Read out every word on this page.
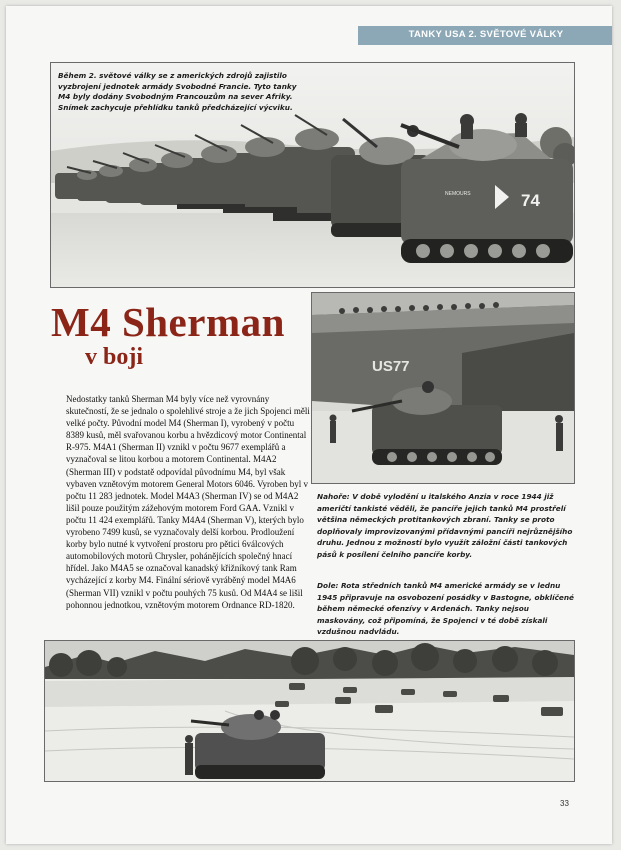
TANKY USA 2. SVĚTOVÉ VÁLKY
74
NEMOURS

Během 2. světové války se z amerických zdrojů zajistilo vyzbrojení jednotek armády Svobodné Francie. Tyto tanky M4 byly dodány Svobodným Francouzům na sever Afriky. Snímek zachycuje přehlídku tanků předcházející výcviku.

M4 Sherman
v boji

Nedostatky tanků Sherman M4 byly více než vyrovnány skutečností, že se jednalo o spolehlivé stroje a že jich Spojenci měli velké počty. Původní model M4 (Sherman I), vyrobený v počtu 8389 kusů, měl svařovanou korbu a hvězdicový motor Continental R-975. M4A1 (Sherman II) vznikl v počtu 9677 exemplářů a vyznačoval se litou korbou a motorem Continental. M4A2 (Sherman III) v podstatě odpovídal původnímu M4, byl však vybaven vznětovým motorem General Motors 6046. Vyroben byl v počtu 11 283 jednotek. Model M4A3 (Sherman IV) se od M4A2 lišil pouze použitým zážehovým motorem Ford GAA. Vznikl v počtu 11 424 exemplářů. Tanky M4A4 (Sherman V), kterých bylo vyrobeno 7499 kusů, se vyznačovaly delší korbou. Prodloužení korby bylo nutné k vytvoření prostoru pro pětici 6válcových automobilových motorů Chrysler, pohánějících společný hnací hřídel. Jako M4A5 se označoval kanadský křižníkový tank Ram vycházející z korby M4. Finální sériově vyráběný model M4A6 (Sherman VII) vznikl v počtu pouhých 75 kusů. Od M4A4 se lišil pohonnou jednotkou, vznětovým motorem Ordnance RD-1820.

US77

Nahoře: V době vylodění u italského Anzia v roce 1944 již američtí tankisté věděli, že pancíře jejich tanků M4 prostřelí většina německých protitankových zbraní. Tanky se proto doplňovaly improvizovanými přídavnými pancíři nejrůznějšího druhu. Jednou z možností bylo využít záložní části tankových pásů k posílení čelního pancíře korby.

Dole: Rota středních tanků M4 americké armády se v lednu 1945 připravuje na osvobození posádky v Bastogne, obklíčené během německé ofenzívy v Ardenách. Tanky nejsou maskovány, což připomíná, že Spojenci v té době získali vzdušnou nadvládu.

33
